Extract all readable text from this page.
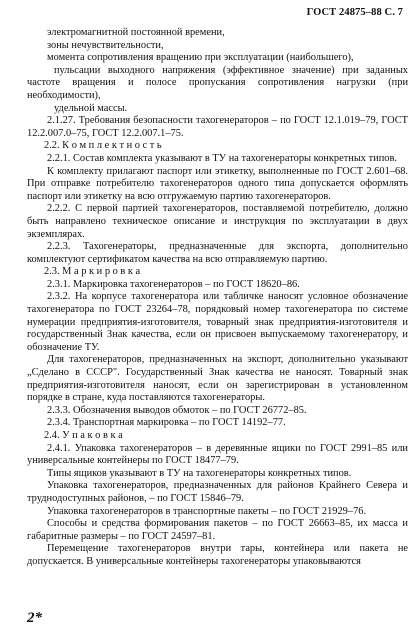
ГОСТ 24875–88 С. 7

электромагнитной постоянной времени,

зоны нечувствительности,

момента сопротивления вращению при эксплуатации (наибольшего),

пульсации выходного напряжения (эффективное значение) при заданных частоте вращения и полосе пропускания сопротивления нагрузки (при необходимости),

удельной массы.

2.1.27. Требования безопасности тахогенераторов – по ГОСТ 12.1.019–79, ГОСТ 12.2.007.0–75, ГОСТ 12.2.007.1–75.

2.2. К о м п л е к т н о с т ь

2.2.1. Состав комплекта указывают в ТУ на тахогенераторы конкретных типов.

К комплекту прилагают паспорт или этикетку, выполненные по ГОСТ 2.601–68. При отправке потребителю тахогенераторов одного типа допускается оформлять паспорт или этикетку на всю отгружаемую партию тахогенераторов.

2.2.2. С первой партией тахогенераторов, поставляемой потребителю, должно быть направлено техническое описание и инструкция по эксплуатации в двух экземплярах.

2.2.3. Тахогенераторы, предназначенные для экспорта, дополнительно комплектуют сертификатом качества на всю отправляемую партию.

2.3. М а р к и р о в к а

2.3.1. Маркировка тахогенераторов – по ГОСТ 18620–86.

2.3.2. На корпусе тахогенератора или табличке наносят условное обозначение тахогенератора по ГОСТ 23264–78, порядковый номер тахогенератора по системе нумерации предприятия-изготовителя, товарный знак предприятия-изготовителя и государственный Знак качества, если он присвоен выпускаемому тахогенератору, и обозначение ТУ.

Для тахогенераторов, предназначенных на экспорт, дополнительно указывают „Сделано в СССР". Государственный Знак качества не наносят. Товарный знак предприятия-изготовителя наносят, если он зарегистрирован в установленном порядке в стране, куда поставляются тахогенераторы.

2.3.3. Обозначения выводов обмоток – по ГОСТ 26772–85.

2.3.4. Транспортная маркировка – по ГОСТ 14192–77.

2.4. У п а к о в к а

2.4.1. Упаковка тахогенераторов – в деревянные ящики по ГОСТ 2991–85 или универсальные контейнеры по ГОСТ 18477–79.

Типы ящиков указывают в ТУ на тахогенераторы конкретных типов.

Упаковка тахогенераторов, предназначенных для районов Крайнего Севера и труднодоступных районов, – по ГОСТ 15846–79.

Упаковка тахогенераторов в транспортные пакеты – по ГОСТ 21929–76.

Способы и средства формирования пакетов – по ГОСТ 26663–85, их масса и габаритные размеры – по ГОСТ 24597–81.

Перемещение тахогенераторов внутри тары, контейнера или пакета не допускается. В универсальные контейнеры тахогенераторы упаковываются

2*
